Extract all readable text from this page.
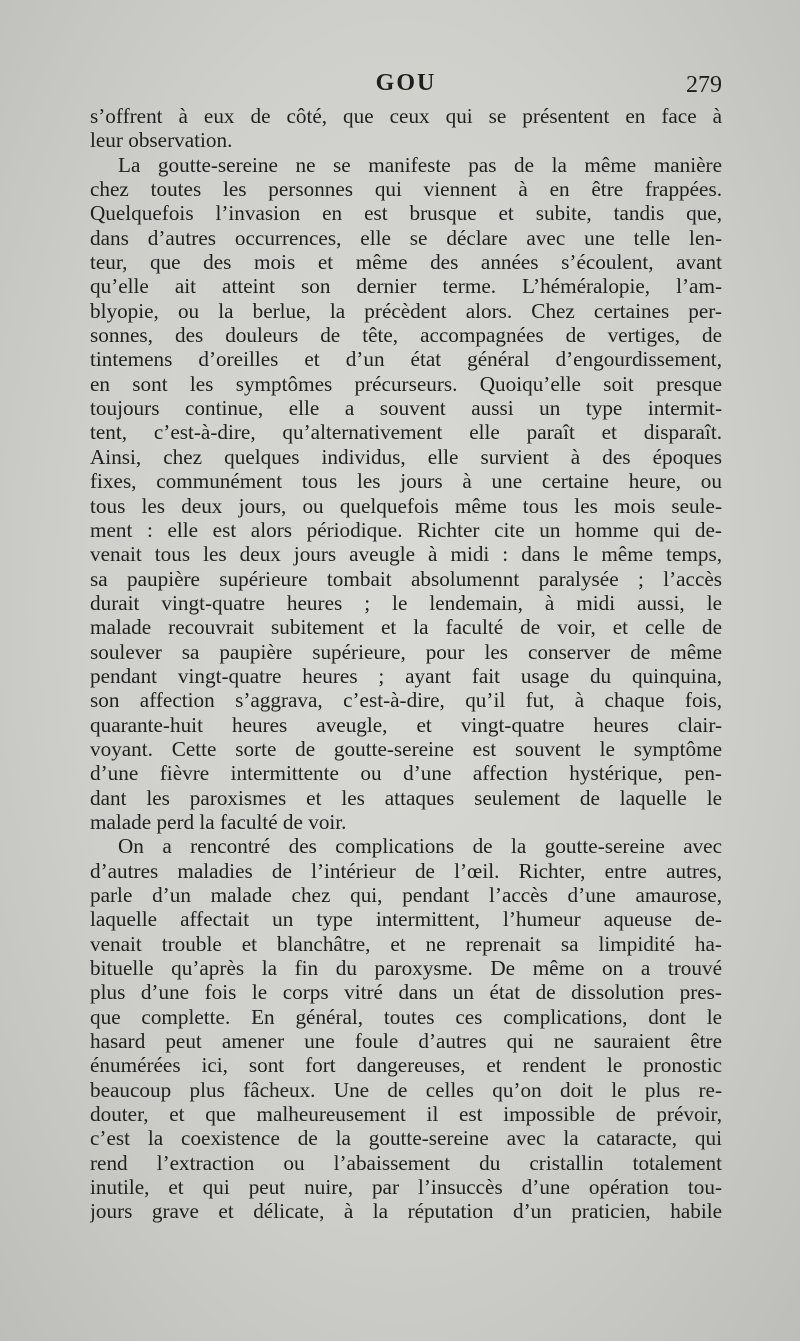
GOU	279
s’offrent à eux de côté, que ceux qui se présentent en face à
leur observation.
La goutte-sereine ne se manifeste pas de la même manière
chez toutes les personnes qui viennent à en être frappées.
Quelquefois l’invasion en est brusque et subite, tandis que,
dans d’autres occurrences, elle se déclare avec une telle len-
teur, que des mois et même des années s’écoulent, avant
qu’elle ait atteint son dernier terme. L’héméralopie, l’am-
blyopie, ou la berlue, la précèdent alors. Chez certaines per-
sonnes, des douleurs de tête, accompagnées de vertiges, de
tintemens d’oreilles et d’un état général d’engourdissement,
en sont les symptômes précurseurs. Quoiqu’elle soit presque
toujours continue, elle a souvent aussi un type intermit-
tent, c’est-à-dire, qu’alternativement elle paraît et disparaît.
Ainsi, chez quelques individus, elle survient à des époques
fixes, communément tous les jours à une certaine heure, ou
tous les deux jours, ou quelquefois même tous les mois seule-
ment : elle est alors périodique. Richter cite un homme qui de-
venait tous les deux jours aveugle à midi : dans le même temps,
sa paupière supérieure tombait absolumennt paralysée ; l’accès
durait vingt-quatre heures ; le lendemain, à midi aussi, le
malade recouvrait subitement et la faculté de voir, et celle de
soulever sa paupière supérieure, pour les conserver de même
pendant vingt-quatre heures ; ayant fait usage du quinquina,
son affection s’aggrava, c’est-à-dire, qu’il fut, à chaque fois,
quarante-huit heures aveugle, et vingt-quatre heures clair-
voyant. Cette sorte de goutte-sereine est souvent le symptôme
d’une fièvre intermittente ou d’une affection hystérique, pen-
dant les paroxismes et les attaques seulement de laquelle le
malade perd la faculté de voir.
On a rencontré des complications de la goutte-sereine avec
d’autres maladies de l’intérieur de l’œil. Richter, entre autres,
parle d’un malade chez qui, pendant l’accès d’une amaurose,
laquelle affectait un type intermittent, l’humeur aqueuse de-
venait trouble et blanchâtre, et ne reprenait sa limpidité ha-
bituelle qu’après la fin du paroxysme. De même on a trouvé
plus d’une fois le corps vitré dans un état de dissolution pres-
que complette. En général, toutes ces complications, dont le
hasard peut amener une foule d’autres qui ne sauraient être
énumérées ici, sont fort dangereuses, et rendent le pronostic
beaucoup plus fâcheux. Une de celles qu’on doit le plus re-
douter, et que malheureusement il est impossible de prévoir,
c’est la coexistence de la goutte-sereine avec la cataracte, qui
rend l’extraction ou l’abaissement du cristallin totalement
inutile, et qui peut nuire, par l’insuccès d’une opération tou-
jours grave et délicate, à la réputation d’un praticien, habile
